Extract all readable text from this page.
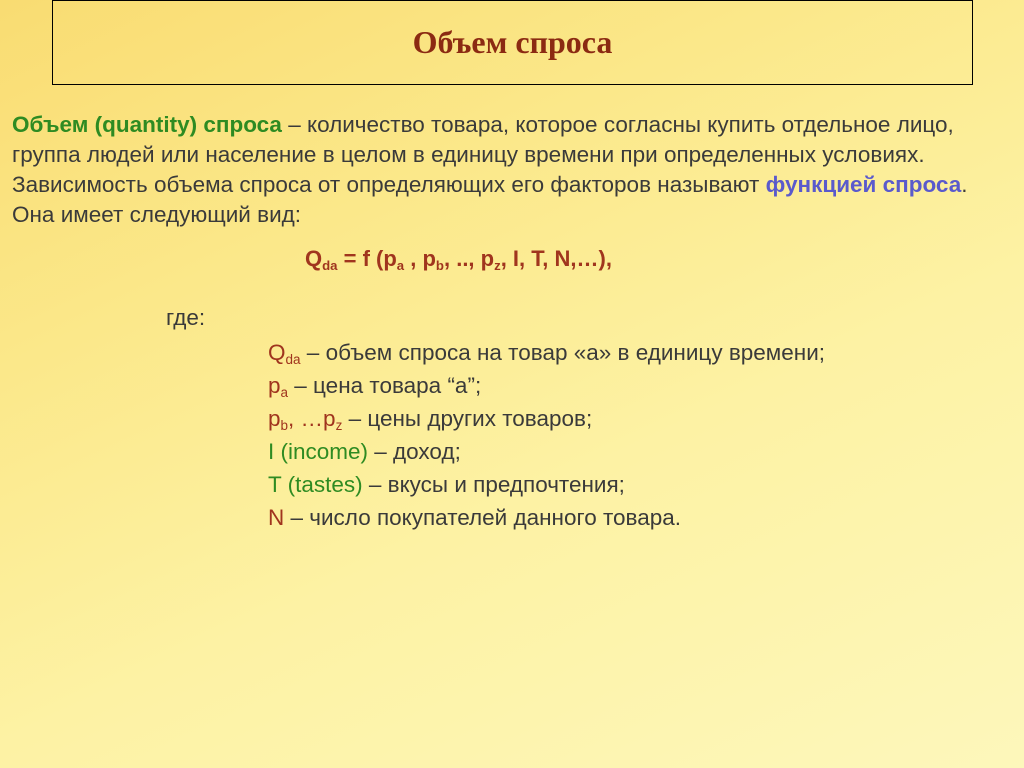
Объем спроса
Объем (quantity) спроса – количество товара, которое согласны купить отдельное лицо, группа людей или население в целом в единицу времени при определенных условиях. Зависимость объема спроса от определяющих его факторов называют функцией спроса. Она имеет следующий вид:
$Q_{da} = f$ ($p_a$ , $p_b$, .., $p_z$, I, T, N,…),
где:
$Q_{da}$ – объем спроса на товар «а» в единицу времени;
$p_a$ – цена товара “а”;
$p_b$, $\dots p_z$ – цены других товаров;
I (income) – доход;
T (tastes) – вкусы и предпочтения;
N – число покупателей данного товара.
